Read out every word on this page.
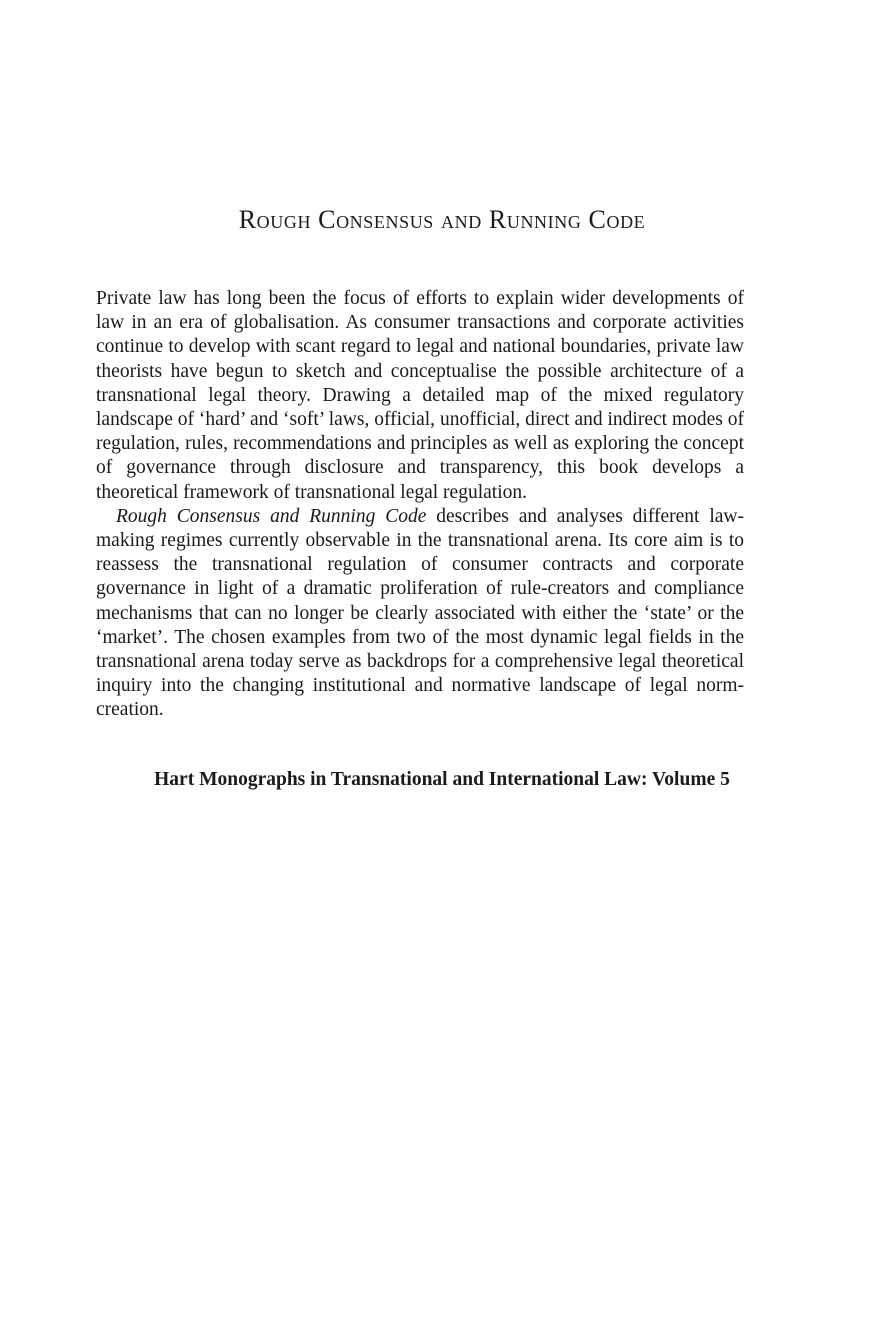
Rough Consensus and Running Code

Private law has long been the focus of efforts to explain wider developments of law in an era of globalisation. As consumer transactions and corporate activities continue to develop with scant regard to legal and national boundaries, private law theorists have begun to sketch and conceptualise the possible architecture of a transnational legal theory. Drawing a detailed map of the mixed regulatory landscape of ‘hard’ and ‘soft’ laws, official, unofficial, direct and indirect modes of regulation, rules, recommendations and principles as well as exploring the concept of governance through disclosure and transparency, this book develops a theoretical framework of transnational legal regulation.

Rough Consensus and Running Code describes and analyses different law-making regimes currently observable in the transnational arena. Its core aim is to reassess the transnational regulation of consumer contracts and corporate governance in light of a dramatic proliferation of rule-creators and compliance mechanisms that can no longer be clearly associated with either the ‘state’ or the ‘market’. The chosen examples from two of the most dynamic legal fields in the transnational arena today serve as backdrops for a comprehensive legal theoretical inquiry into the changing institutional and normative landscape of legal norm-creation.

Hart Monographs in Transnational and International Law: Volume 5
